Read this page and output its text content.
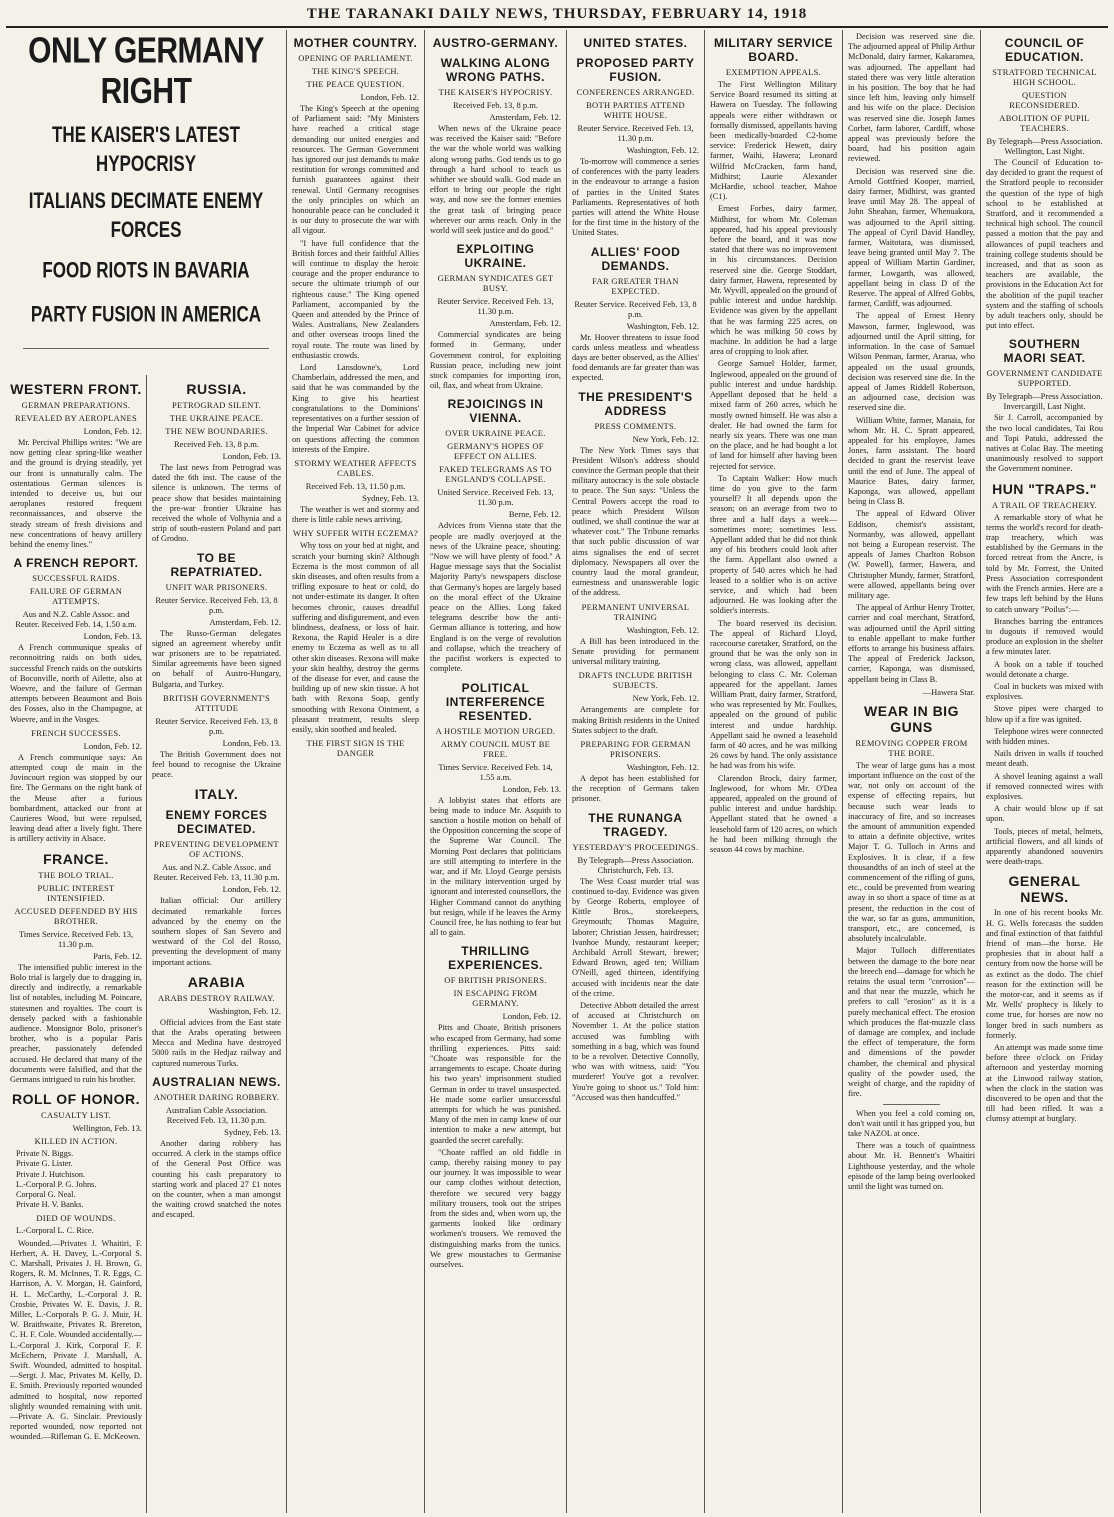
THE TARANAKI DAILY NEWS, THURSDAY, FEBRUARY 14, 1918
ONLY GERMANY RIGHT
THE KAISER'S LATEST HYPOCRISY
ITALIANS DECIMATE ENEMY FORCES
FOOD RIOTS IN BAVARIA
PARTY FUSION IN AMERICA
WESTERN FRONT.
GERMAN PREPARATIONS.
REVEALED BY AEROPLANES
London, Feb. 12.

Mr. Percival Phillips writes: "We are now getting clear spring-like weather and the ground is drying steadily, yet our front is unnaturally calm. The ostentatious German silences is intended to deceive us, but our aeroplanes restored frequent reconnaissances, and observe the steady stream of fresh divisions and new concentrations of heavy artillery behind the enemy lines."

A FRENCH REPORT.
SUCCESSFUL RAIDS.
FAILURE OF GERMAN ATTEMPTS.
Aus and N.Z. Cable Assoc. and Reuter. Received Feb. 14, 1.50 a.m.
London, Feb. 13.

A French communique speaks of reconnoitring raids on both sides, successful French raids on the outskirts of Boconville, north of Ailette, also at Woevre, and the failure of German attempts between Beaumont and Bois des Fosses, also in the Champagne, at Woevre, and in the Vosges.

FRENCH SUCCESSES.
London, Feb. 12.

A French communique says: An attempted coup de main in the Juvincourt region was stopped by our fire. The Germans on the right bank of the Meuse after a furious bombardment, attacked our front at Caurieres Wood, but were repulsed, leaving dead after a lively fight. There is artillery activity in Alsace.

FRANCE.
THE BOLO TRIAL.
PUBLIC INTEREST INTENSIFIED.
ACCUSED DEFENDED BY HIS BROTHER.
Times Service. Received Feb. 13, 11.30 p.m.
Paris, Feb. 12.

The intensified public interest in the Bolo trial is largely due to dragging in, directly and indirectly, a remarkable list of notables, including M. Poincare, statesmen and royalties. The court is densely packed with a fashionable audience. Monsignor Bolo, prisoner's brother, who is a popular Paris preacher, passionately defended accused. He declared that many of the documents were falsified, and that the Germans intrigued to ruin his brother.

ROLL OF HONOR.
CASUALTY LIST.
Wellington, Feb. 13.
KILLED IN ACTION.
Private N. Biggs.
Private G. Lister.
Private J. Hutchison.
L.-Corporal P. G. Johns.
Corporal G. Neal.
Private H. V. Banks.
DIED OF WOUNDS.
L.-Corporal L. C. Rice.

Wounded.—Privates J. Whaitiri, F. Herbert, A. H. Davey, L.-Corporal S. C. Marshall, Privates J. H. Brown, G. Rogers, R. M. McInnes, T. R. Eggs, C. Harrison, A. V. Morgan, H. Gainford, H. L. McCarthy, L.-Corporal J. R. Crosbie, Privates W. E. Davis, J. R. Miller, L.-Corporals P. G. J. Muir, H. W. Braithwaite, Privates R. Brereton, C. H. F. Cole. Wounded accidentally.—L.-Corporal J. Kirk, Corporal F. F. McEchern, Private J. Marshall, A. Swift. Wounded, admitted to hospital.—Sergt. J. Mac, Privates M. Kelly, D. E. Smith. Previously reported wounded admitted to hospital, now reported slightly wounded remaining with unit.—Private A. G. Sinclair. Previously reported wounded, now reported not wounded.—Rifleman G. E. McKeown.

RUSSIA.
PETROGRAD SILENT.
THE UKRAINE PEACE.
THE NEW BOUNDARIES.
Received Feb. 13, 8 p.m.
London, Feb. 13.

The last news from Petrograd was dated the 6th inst. The cause of the silence is unknown. The terms of peace show that besides maintaining the pre-war frontier Ukraine has received the whole of Volhynia and a strip of south-eastern Poland and part of Grodno.

TO BE REPATRIATED.
UNFIT WAR PRISONERS.
Reuter Service. Received Feb. 13, 8 p.m.
Amsterdam, Feb. 12.

The Russo-German delegates signed an agreement whereby unfit war prisoners are to be repatriated. Similar agreements have been signed on behalf of Austro-Hungary, Bulgaria, and Turkey.

BRITISH GOVERNMENT'S ATTITUDE
Reuter Service. Received Feb. 13, 8 p.m.
London, Feb. 13.

The British Government does not feel bound to recognise the Ukraine peace.

ITALY.
ENEMY FORCES DECIMATED.
PREVENTING DEVELOPMENT OF ACTIONS.
Aus. and N.Z. Cable Assoc. and Reuter. Received Feb. 13, 11.30 p.m.
London, Feb. 12.

Italian official: Our artillery decimated remarkable forces advanced by the enemy on the southern slopes of San Severo and westward of the Col del Rosso, preventing the development of many important actions.

ARABIA
ARABS DESTROY RAILWAY.
Washington, Feb. 12.

Official advices from the East state that the Arabs operating between Mecca and Medina have destroyed 5000 rails in the Hedjaz railway and captured numerous Turks.

AUSTRALIAN NEWS.
ANOTHER DARING ROBBERY.
Australian Cable Association. Received Feb. 13, 11.30 p.m.
Sydney, Feb. 13.

Another daring robbery has occurred. A clerk in the stamps office of the General Post Office was counting his cash preparatory to starting work and placed 27 £1 notes on the counter, when a man amongst the waiting crowd snatched the notes and escaped.

MOTHER COUNTRY.
OPENING OF PARLIAMENT.
THE KING'S SPEECH.
THE PEACE QUESTION.
London, Feb. 12.

The King's Speech at the opening of Parliament said: "My Ministers have reached a critical stage demanding our united energies and resources. The German Government has ignored our just demands to make restitution for wrongs committed and furnish guarantees against their renewal. Until Germany recognises the only principles on which an honourable peace can be concluded it is our duty to prosecute the war with all vigour.

"I have full confidence that the British forces and their faithful Allies will continue to display the heroic courage and the proper endurance to secure the ultimate triumph of our righteous cause." The King opened Parliament, accompanied by the Queen and attended by the Prince of Wales. Australians, New Zealanders and other overseas troops lined the royal route. The route was lined by enthusiastic crowds.

Lord Lansdowne's, Lord Chamberlain, addressed the men, and said that he was commanded by the King to give his heartiest congratulations to the Dominions' representatives on a further session of the Imperial War Cabinet for advice on questions affecting the common interests of the Empire.

STORMY WEATHER AFFECTS CABLES.
Received Feb. 13, 11.50 p.m.
Sydney, Feb. 13.

The weather is wet and stormy and there is little cable news arriving.

WHY SUFFER WITH ECZEMA?

Why toss on your bed at night, and scratch your burning skin? Although Eczema is the most common of all skin diseases, and often results from a trifling exposure to heat or cold, do not under-estimate its danger. It often becomes chronic, causes dreadful suffering and disfigurement, and even blindness, deafness, or loss of hair. Rexona, the Rapid Healer is a dire enemy to Eczema as well as to all other skin diseases. Rexona will make your skin healthy, destroy the germs of the disease for ever, and cause the building up of new skin tissue. A hot bath with Rexona Soap, gently smoothing with Rexona Ointment, a pleasant treatment, results sleep easily, skin soothed and healed.

THE FIRST SIGN IS THE DANGER
AUSTRO-GERMANY.
WALKING ALONG WRONG PATHS.
THE KAISER'S HYPOCRISY.
Received Feb. 13, 8 p.m.
Amsterdam, Feb. 12.

When news of the Ukraine peace was received the Kaiser said: "Before the war the whole world was walking along wrong paths. God tends us to go through a hard school to teach us whither we should walk. God made an effort to bring our people the right way, and now see the former enemies the great task of bringing peace wherever our arms reach. Only in the world will seek justice and do good."

EXPLOITING UKRAINE.
GERMAN SYNDICATES GET BUSY.
Reuter Service. Received Feb. 13, 11.30 p.m.
Amsterdam, Feb. 12.

Commercial syndicates are being formed in Germany, under Government control, for exploiting Russian peace, including new joint stock companies for importing iron, oil, flax, and wheat from Ukraine.

REJOICINGS IN VIENNA.
OVER UKRAINE PEACE.
GERMANY'S HOPES OF EFFECT ON ALLIES.
FAKED TELEGRAMS AS TO ENGLAND'S COLLAPSE.
United Service. Received Feb. 13, 11.30 p.m.
Berne, Feb. 12.

Advices from Vienna state that the people are madly overjoyed at the news of the Ukraine peace, shouting: "Now we will have plenty of food." A Hague message says that the Socialist Majority Party's newspapers disclose that Germany's hopes are largely based on the moral effect of the Ukraine peace on the Allies. Long faked telegrams describe how the anti-German alliance is tottering, and how England is on the verge of revolution and collapse, which the treachery of the pacifist workers is expected to complete.

POLITICAL INTERFERENCE RESENTED.
A HOSTILE MOTION URGED.
ARMY COUNCIL MUST BE FREE.
Times Service. Received Feb. 14, 1.55 a.m.
London, Feb. 13.

A lobbyist states that efforts are being made to induce Mr. Asquith to sanction a hostile motion on behalf of the Opposition concerning the scope of the Supreme War Council. The Morning Post declares that politicians are still attempting to interfere in the war, and if Mr. Lloyd George persists in the military intervention urged by ignorant and interested counsellors, the Higher Command cannot do anything but resign, while if he leaves the Army Council free, he has nothing to fear but all to gain.

THRILLING EXPERIENCES.
OF BRITISH PRISONERS.
IN ESCAPING FROM GERMANY.
London, Feb. 12.

Pitts and Choate, British prisoners who escaped from Germany, had some thrilling experiences. Pitts said: "Choate was responsible for the arrangements to escape. Choate during his two years' imprisonment studied German in order to travel unsuspected. He made some earlier unsuccessful attempts for which he was punished. Many of the men in camp knew of our intention to make a new attempt, but guarded the secret carefully.

"Choate raffled an old fiddle in camp, thereby raising money to pay our journey. It was impossible to wear our camp clothes without detection, therefore we secured very baggy military trousers, took out the stripes from the sides and, when worn up, the garments looked like ordinary workmen's trousers. We removed the distinguishing marks from the tunics. We grew moustaches to Germanise ourselves.

UNITED STATES.
PROPOSED PARTY FUSION.
CONFERENCES ARRANGED.
BOTH PARTIES ATTEND WHITE HOUSE.
Reuter Service. Received Feb. 13, 11.30 p.m.
Washington, Feb. 12.

To-morrow will commence a series of conferences with the party leaders in the endeavour to arrange a fusion of parties in the United States Parliaments. Representatives of both parties will attend the White House for the first time in the history of the United States.

ALLIES' FOOD DEMANDS.
FAR GREATER THAN EXPECTED.
Reuter Service. Received Feb. 13, 8 p.m.
Washington, Feb. 12.

Mr. Hoover threatens to issue food cards unless meatless and wheatless days are better observed, as the Allies' food demands are far greater than was expected.

THE PRESIDENT'S ADDRESS
PRESS COMMENTS.
New York, Feb. 12.

The New York Times says that President Wilson's address should convince the German people that their military autocracy is the sole obstacle to peace. The Sun says: "Unless the Central Powers accept the road to peace which President Wilson outlined, we shall continue the war at whatever cost." The Tribune remarks that such public discussion of war aims signalises the end of secret diplomacy. Newspapers all over the country laud the moral grandeur, earnestness and unanswerable logic of the address.

PERMANENT UNIVERSAL TRAINING
Washington, Feb. 12.

A Bill has been introduced in the Senate providing for permanent universal military training.

DRAFTS INCLUDE BRITISH SUBJECTS.
New York, Feb. 12.

Arrangements are complete for making British residents in the United States subject to the draft.

PREPARING FOR GERMAN PRISONERS.
Washington, Feb. 12.

A depot has been established for the reception of Germans taken prisoner.

THE RUNANGA TRAGEDY.
YESTERDAY'S PROCEEDINGS.
By Telegraph—Press Association. Christchurch, Feb. 13.

The West Coast murder trial was continued to-day. Evidence was given by George Roberts, employee of Kittle Bros., storekeepers, Greymouth; Thomas Maguire, laborer; Christian Jessen, hairdresser; Ivanhoe Mundy, restaurant keeper; Archibald Arroll Stewart, brewer; Edward Brown, aged ten; William O'Neill, aged thirteen, identifying accused with incidents near the date of the crime.

Detective Abbott detailed the arrest of accused at Christchurch on November 1. At the police station accused was fumbling with something in a bag, which was found to be a revolver. Detective Connolly, who was with witness, said: "You murderer! You've got a revolver. You're going to shoot us." Told him: "Accused was then handcuffed."

MILITARY SERVICE BOARD.
EXEMPTION APPEALS.

The First Wellington Military Service Board resumed its sitting at Hawera on Tuesday. The following appeals were either withdrawn or formally dismissed, appellants having been medically-boarded C2-home service: Frederick Hewett, dairy farmer, Waihi, Hawera; Leonard Wilfrid McCracken, farm hand, Midhirst; Laurie Alexander McHardie, school teacher, Mahoe (C1).

Ernest Forbes, dairy farmer, Midhirst, for whom Mr. Coleman appeared, had his appeal previously before the board, and it was now stated that there was no improvement in his circumstances. Decision reserved sine die. George Stoddart, dairy farmer, Hawera, represented by Mr. Wyvill, appealed on the ground of public interest and undue hardship. Evidence was given by the appellant that he was farming 225 acres, on which he was milking 50 cows by machine. In addition he had a large area of cropping to look after.

George Samuel Holder, farmer, Inglewood, appealed on the ground of public interest and undue hardship. Appellant deposed that he held a mixed farm of 260 acres, which he mostly owned himself. He was also a dealer. He had owned the farm for nearly six years. There was one man on the place, and he had bought a lot of land for himself after having been rejected for service.

To Captain Walker: How much time do you give to the farm yourself? It all depends upon the season; on an average from two to three and a half days a week—sometimes more; sometimes less. Appellant added that he did not think any of his brothers could look after the farm. Appellant also owned a property of 540 acres which he had leased to a soldier who is on active service, and which had been adjourned. He was looking after the soldier's interests.

The board reserved its decision. The appeal of Richard Lloyd, racecourse caretaker, Stratford, on the ground that he was the only son in wrong class, was allowed, appellant belonging to class C. Mr. Coleman appeared for the appellant. James William Pratt, dairy farmer, Stratford, who was represented by Mr. Foulkes, appealed on the ground of public interest and undue hardship. Appellant said he owned a leasehold farm of 40 acres, and he was milking 26 cows by hand. The only assistance he had was from his wife.

Clarendon Brock, dairy farmer, Inglewood, for whom Mr. O'Dea appeared, appealed on the ground of public interest and undue hardship. Appellant stated that he owned a leasehold farm of 120 acres, on which he had been milking through the season 44 cows by machine.

Decision was reserved sine die. The adjourned appeal of Philip Arthur McDonald, dairy farmer, Kakaramea, was adjourned. The appellant had stated there was very little alteration in his position. The boy that he had since left him, leaving only himself and his wife on the place. Decision was reserved sine die. Joseph James Corbet, farm laborer, Cardiff, whose appeal was previously before the board, had his position again reviewed.

Decision was reserved sine die. Arnold Gottfried Kooper, married, dairy farmer, Midhirst, was granted leave until May 28. The appeal of John Sheahan, farmer, Whenuakura, was adjourned to the April sitting. The appeal of Cyril David Handley, farmer, Waitotara, was dismissed, leave being granted until May 7. The appeal of William Martin Gardiner, farmer, Lowgarth, was allowed, appellant being in class D of the Reserve. The appeal of Alfred Gobbs, farmer, Cardiff, was adjourned.

The appeal of Ernest Henry Mawson, farmer, Inglewood, was adjourned until the April sitting, for information. In the case of Samuel Wilson Penman, farmer, Ararua, who appealed on the usual grounds, decision was reserved sine die. In the appeal of James Riddell Robertson, an adjourned case, decision was reserved sine die.

William White, farmer, Manaia, for whom Mr. H. C. Spratt appeared, appealed for his employee, James Jones, farm assistant. The board decided to grant the reservist leave until the end of June. The appeal of Maurice Bates, dairy farmer, Kaponga, was allowed, appellant being in Class B.

The appeal of Edward Oliver Eddison, chemist's assistant, Normanby, was allowed, appellant not being a European reservist. The appeals of James Charlton Robson (W. Powell), farmer, Hawera, and Christopher Mundy, farmer, Stratford, were allowed, appellants being over military age.

The appeal of Arthur Henry Trotter, carrier and coal merchant, Stratford, was adjourned until the April sitting to enable appellant to make further efforts to arrange his business affairs. The appeal of Frederick Jackson, carrier, Kaponga, was dismissed, appellant being in Class B.

—Hawera Star.
WEAR IN BIG GUNS
REMOVING COPPER FROM THE BORE.

The wear of large guns has a most important influence on the cost of the war, not only on account of the expense of effecting repairs, but because such wear leads to inaccuracy of fire, and so increases the amount of ammunition expended to attain a definite objective, writes Major T. G. Tulloch in Arms and Explosives. It is clear, if a few thousandths of an inch of steel at the commencement of the rifling of guns, etc., could be prevented from wearing away in so short a space of time as at present, the reduction in the cost of the war, so far as guns, ammunition, transport, etc., are concerned, is absolutely incalculable.

Major Tulloch differentiates between the damage to the bore near the breech end—damage for which he retains the usual term "corrosion"—and that near the muzzle, which he prefers to call "erosion" as it is a purely mechanical effect. The erosion which produces the flat-muzzle class of damage are complex, and include the effect of temperature, the form and dimensions of the powder chamber, the chemical and physical quality of the powder used, the weight of charge, and the rapidity of fire.

When you feel a cold coming on, don't wait until it has gripped you, but take NAZOL at once.

There was a touch of quaintness about Mr. H. Bennett's Whaitiri Lighthouse yesterday, and the whole episode of the lamp being overlooked until the light was turned on.

COUNCIL OF EDUCATION.
STRATFORD TECHNICAL HIGH SCHOOL.
QUESTION RECONSIDERED.
ABOLITION OF PUPIL TEACHERS.
By Telegraph—Press Association. Wellington, Last Night.

The Council of Education to-day decided to grant the request of the Stratford people to reconsider the question of the type of high school to be established at Stratford, and it recommended a technical high school. The council passed a motion that the pay and allowances of pupil teachers and training college students should be increased, and that as soon as teachers are available, the provisions in the Education Act for the abolition of the pupil teacher system and the staffing of schools by adult teachers only, should be put into effect.

SOUTHERN MAORI SEAT.
GOVERNMENT CANDIDATE SUPPORTED.
By Telegraph—Press Association. Invercargill, Last Night.

Sir J. Carroll, accompanied by the two local candidates, Tai Rou and Topi Patuki, addressed the natives at Colac Bay. The meeting unanimously resolved to support the Government nominee.

HUN "TRAPS."
A TRAIL OF TREACHERY.

A remarkable story of what he terms the world's record for death-trap treachery, which was established by the Germans in the forced retreat from the Ancre, is told by Mr. Forrest, the United Press Association correspondent with the French armies. Here are a few traps left behind by the Huns to catch unwary "Poilus":—

Branches barring the entrances to dugouts if removed would produce an explosion in the shelter a few minutes later.

A book on a table if touched would detonate a charge.

Coal in buckets was mixed with explosives.

Stove pipes were charged to blow up if a fire was ignited.

Telephone wires were connected with hidden mines.

Nails driven in walls if touched meant death.

A shovel leaning against a wall if removed connected wires with explosives.

A chair would blow up if sat upon.

Tools, pieces of metal, helmets, artificial flowers, and all kinds of apparently abandoned souvenirs were death-traps.

GENERAL NEWS.

In one of his recent books Mr. H. G. Wells forecasts the sudden and final extinction of that faithful friend of man—the horse. He prophesies that in about half a century from now the horse will be as extinct as the dodo. The chief reason for the extinction will be the motor-car, and it seems as if Mr. Wells' prophecy is likely to come true, for horses are now no longer bred in such numbers as formerly.

An attempt was made some time before three o'clock on Friday afternoon and yesterday morning at the Linwood railway station, when the clock in the station was discovered to be open and that the till had been rifled. It was a clumsy attempt at burglary.
